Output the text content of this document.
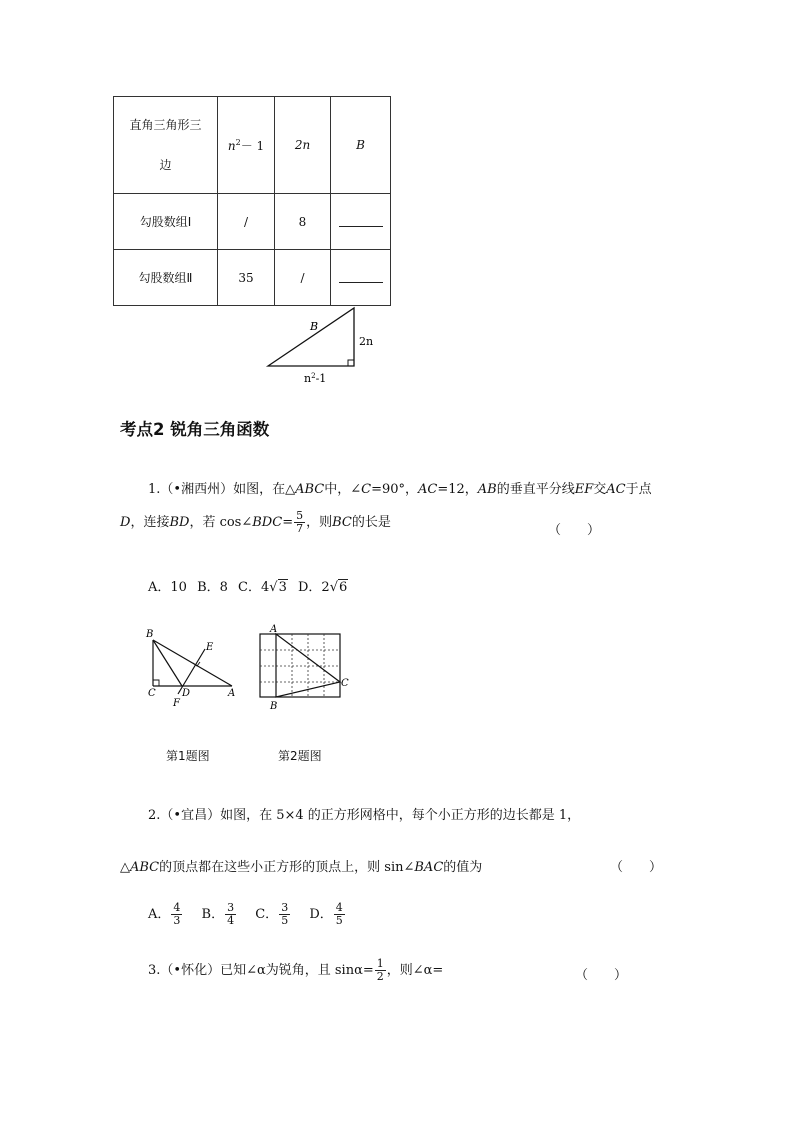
直角三角形三
边	$n^2- 1$	2n	B
勾股数组Ⅰ	/	8	
勾股数组Ⅱ	35	/	
B
2n
$n^2-1$
考点2 锐角三角函数
1.（•湘西州）如图，在△ABC中，∠C=90°，AC=12，AB的垂直平分线EF交AC于点
D，连接BD，若 cos∠BDC= $\frac{5}{7}$ ，则BC的长是
（　　）
A．10 B．8 C．4√3 D．2√6
B
E
C	D	A
F
A
B
C
第1题图	第2题图
2.（•宜昌）如图，在 5×4 的正方形网格中，每个小正方形的边长都是 1，
△ABC的顶点都在这些小正方形的顶点上，则 sin∠BAC的值为	（　　）
A． $\frac{4}{3}$ B． $\frac{3}{4}$ C． $\frac{3}{5}$ D． $\frac{4}{5}$
3.（•怀化）已知∠α为锐角，且 $\sin\alpha= \frac{1}{2}$ ，则∠α=	（　　）
